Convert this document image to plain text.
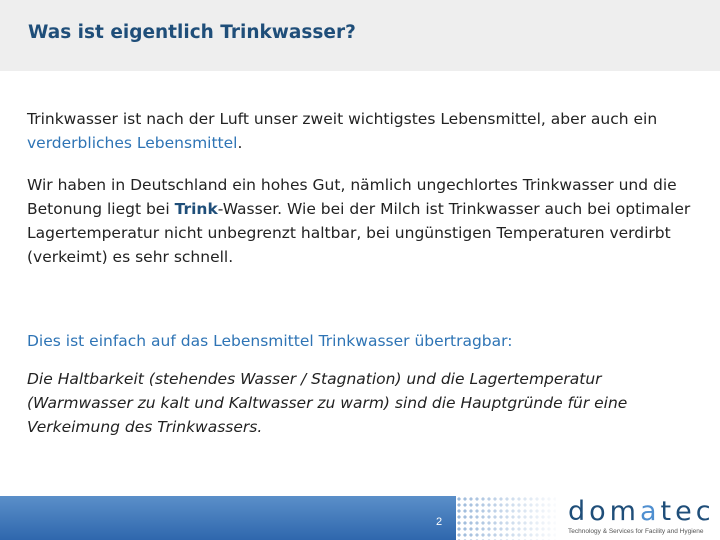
Was ist eigentlich Trinkwasser?
Trinkwasser ist nach der Luft unser zweit wichtigstes Lebensmittel, aber auch ein verderbliches Lebensmittel.
Wir haben in Deutschland ein hohes Gut, nämlich ungechlortes Trinkwasser und die Betonung liegt bei Trink-Wasser. Wie bei der Milch ist Trinkwasser auch bei optimaler Lagertemperatur nicht unbegrenzt haltbar, bei ungünstigen Temperaturen verdirbt (verkeimt) es sehr schnell.
Dies ist einfach auf das Lebensmittel Trinkwasser übertragbar:
Die Haltbarkeit (stehendes Wasser / Stagnation) und die Lagertemperatur (Warmwasser zu kalt und Kaltwasser zu warm) sind die Hauptgründe für eine Verkeimung des Trinkwassers.
2	domatec
Technology & Services for Facility and Hygiene
